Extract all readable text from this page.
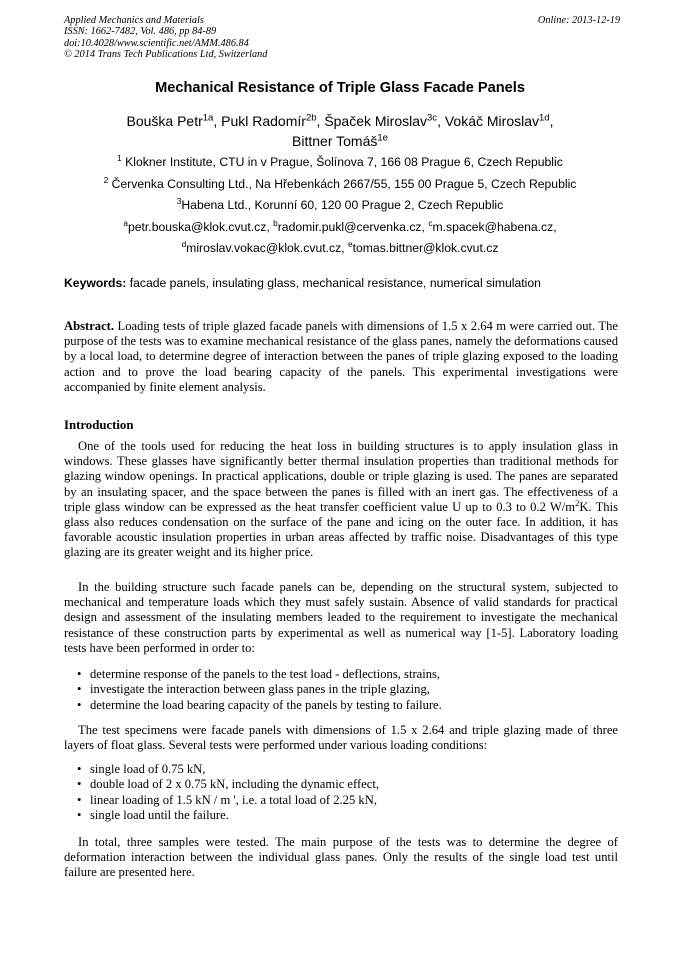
Applied Mechanics and Materials
ISSN: 1662-7482, Vol. 486, pp 84-89
doi:10.4028/www.scientific.net/AMM.486.84
© 2014 Trans Tech Publications Ltd, Switzerland
Online: 2013-12-19
Mechanical Resistance of Triple Glass Facade Panels
Bouška Petr$^{1a}$, Pukl Radomír$^{2b}$, Špaček Miroslav$^{3c}$, Vokáč Miroslav$^{1d}$,
Bittner Tomáš$^{1e}$
$^1$ Klokner Institute, CTU in v Prague, Šolínova 7, 166 08 Prague 6, Czech Republic
$^2$ Červenka Consulting Ltd., Na Hřebenkách 2667/55, 155 00 Prague 5, Czech Republic
$^3$Habena Ltd., Korunní 60, 120 00 Prague 2, Czech Republic
$^a$petr.bouska@klok.cvut.cz, $^b$radomir.pukl@cervenka.cz, $^c$m.spacek@habena.cz,
$^d$miroslav.vokac@klok.cvut.cz, $^e$tomas.bittner@klok.cvut.cz
Keywords: facade panels, insulating glass, mechanical resistance, numerical simulation
Abstract. Loading tests of triple glazed facade panels with dimensions of 1.5 x 2.64 m were carried out. The purpose of the tests was to examine mechanical resistance of the glass panes, namely the deformations caused by a local load, to determine degree of interaction between the panes of triple glazing exposed to the loading action and to prove the load bearing capacity of the panels. This experimental investigations were accompanied by finite element analysis.
Introduction
One of the tools used for reducing the heat loss in building structures is to apply insulation glass in windows. These glasses have significantly better thermal insulation properties than traditional methods for glazing window openings. In practical applications, double or triple glazing is used. The panes are separated by an insulating spacer, and the space between the panes is filled with an inert gas. The effectiveness of a triple glass window can be expressed as the heat transfer coefficient value U up to 0.3 to 0.2 $W/m^2K$. This glass also reduces condensation on the surface of the pane and icing on the outer face. In addition, it has favorable acoustic insulation properties in urban areas affected by traffic noise. Disadvantages of this type glazing are its greater weight and its higher price.
In the building structure such facade panels can be, depending on the structural system, subjected to mechanical and temperature loads which they must safely sustain. Absence of valid standards for practical design and assessment of the insulating members leaded to the requirement to investigate the mechanical resistance of these construction parts by experimental as well as numerical way [1-5]. Laboratory loading tests have been performed in order to:
• determine response of the panels to the test load - deflections, strains,
• investigate the interaction between glass panes in the triple glazing,
• determine the load bearing capacity of the panels by testing to failure.
The test specimens were facade panels with dimensions of 1.5 x 2.64 and triple glazing made of three layers of float glass. Several tests were performed under various loading conditions:
• single load of 0.75 kN,
• double load of 2 x 0.75 kN, including the dynamic effect,
• linear loading of 1.5 kN / m ', i.e. a total load of 2.25 kN,
• single load until the failure.
In total, three samples were tested. The main purpose of the tests was to determine the degree of deformation interaction between the individual glass panes. Only the results of the single load test until failure are presented here.
